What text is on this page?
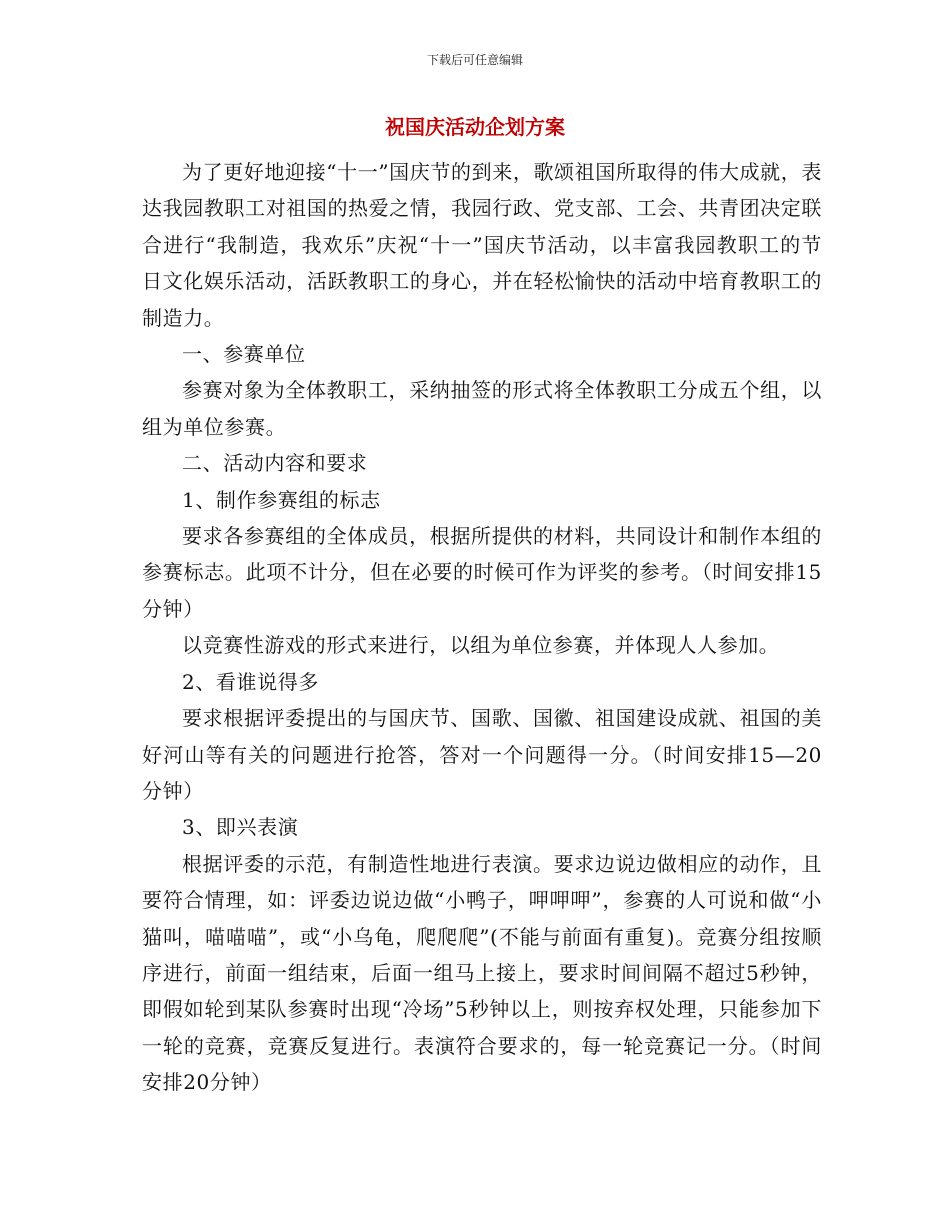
下载后可任意编辑
祝国庆活动企划方案

为了更好地迎接“十一”国庆节的到来，歌颂祖国所取得的伟大成就，表达我园教职工对祖国的热爱之情，我园行政、党支部、工会、共青团决定联合进行“我制造，我欢乐”庆祝“十一”国庆节活动，以丰富我园教职工的节日文化娱乐活动，活跃教职工的身心，并在轻松愉快的活动中培育教职工的制造力。

一、参赛单位

参赛对象为全体教职工，采纳抽签的形式将全体教职工分成五个组，以组为单位参赛。

二、活动内容和要求

1、制作参赛组的标志

要求各参赛组的全体成员，根据所提供的材料，共同设计和制作本组的参赛标志。此项不计分，但在必要的时候可作为评奖的参考。（时间安排15分钟）

以竞赛性游戏的形式来进行，以组为单位参赛，并体现人人参加。

2、看谁说得多

要求根据评委提出的与国庆节、国歌、国徽、祖国建设成就、祖国的美好河山等有关的问题进行抢答，答对一个问题得一分。（时间安排15—20分钟）

3、即兴表演

根据评委的示范，有制造性地进行表演。要求边说边做相应的动作，且要符合情理，如：评委边说边做“小鸭子，呷呷呷”，参赛的人可说和做“小猫叫，喵喵喵”，或“小乌龟，爬爬爬”(不能与前面有重复)。竞赛分组按顺序进行，前面一组结束，后面一组马上接上，要求时间间隔不超过5秒钟，即假如轮到某队参赛时出现“冷场”5秒钟以上，则按弃权处理，只能参加下一轮的竞赛，竞赛反复进行。表演符合要求的，每一轮竞赛记一分。（时间安排20分钟）
